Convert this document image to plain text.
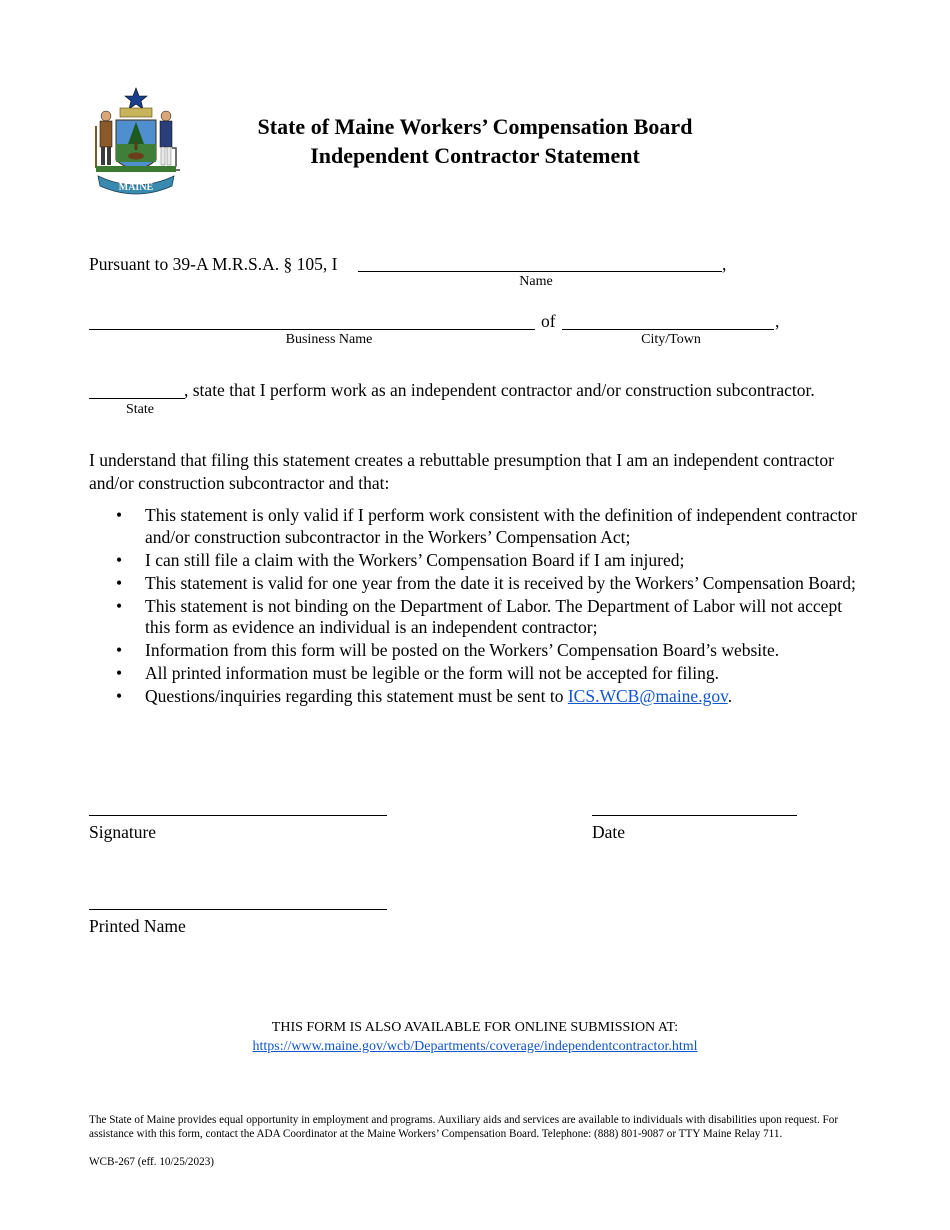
MAINE
State of Maine Workers’ Compensation Board
Independent Contractor Statement
Pursuant to 39-A M.R.S.A. § 105, I	,
Name
of	,
Business Name	City/Town
, state that I perform work as an independent contractor and/or construction subcontractor.
State
I understand that filing this statement creates a rebuttable presumption that I am an independent contractor and/or construction subcontractor and that:
• This statement is only valid if I perform work consistent with the definition of independent contractor and/or construction subcontractor in the Workers’ Compensation Act;
• I can still file a claim with the Workers’ Compensation Board if I am injured;
• This statement is valid for one year from the date it is received by the Workers’ Compensation Board;
• This statement is not binding on the Department of Labor. The Department of Labor will not accept this form as evidence an individual is an independent contractor;
• Information from this form will be posted on the Workers’ Compensation Board’s website.
• All printed information must be legible or the form will not be accepted for filing.
• Questions/inquiries regarding this statement must be sent to ICS.WCB@maine.gov.
Signature	Date
Printed Name
THIS FORM IS ALSO AVAILABLE FOR ONLINE SUBMISSION AT:
https://www.maine.gov/wcb/Departments/coverage/independentcontractor.html
The State of Maine provides equal opportunity in employment and programs. Auxiliary aids and services are available to individuals with disabilities upon request. For assistance with this form, contact the ADA Coordinator at the Maine Workers’ Compensation Board. Telephone: (888) 801-9087 or TTY Maine Relay 711.
WCB-267 (eff. 10/25/2023)
